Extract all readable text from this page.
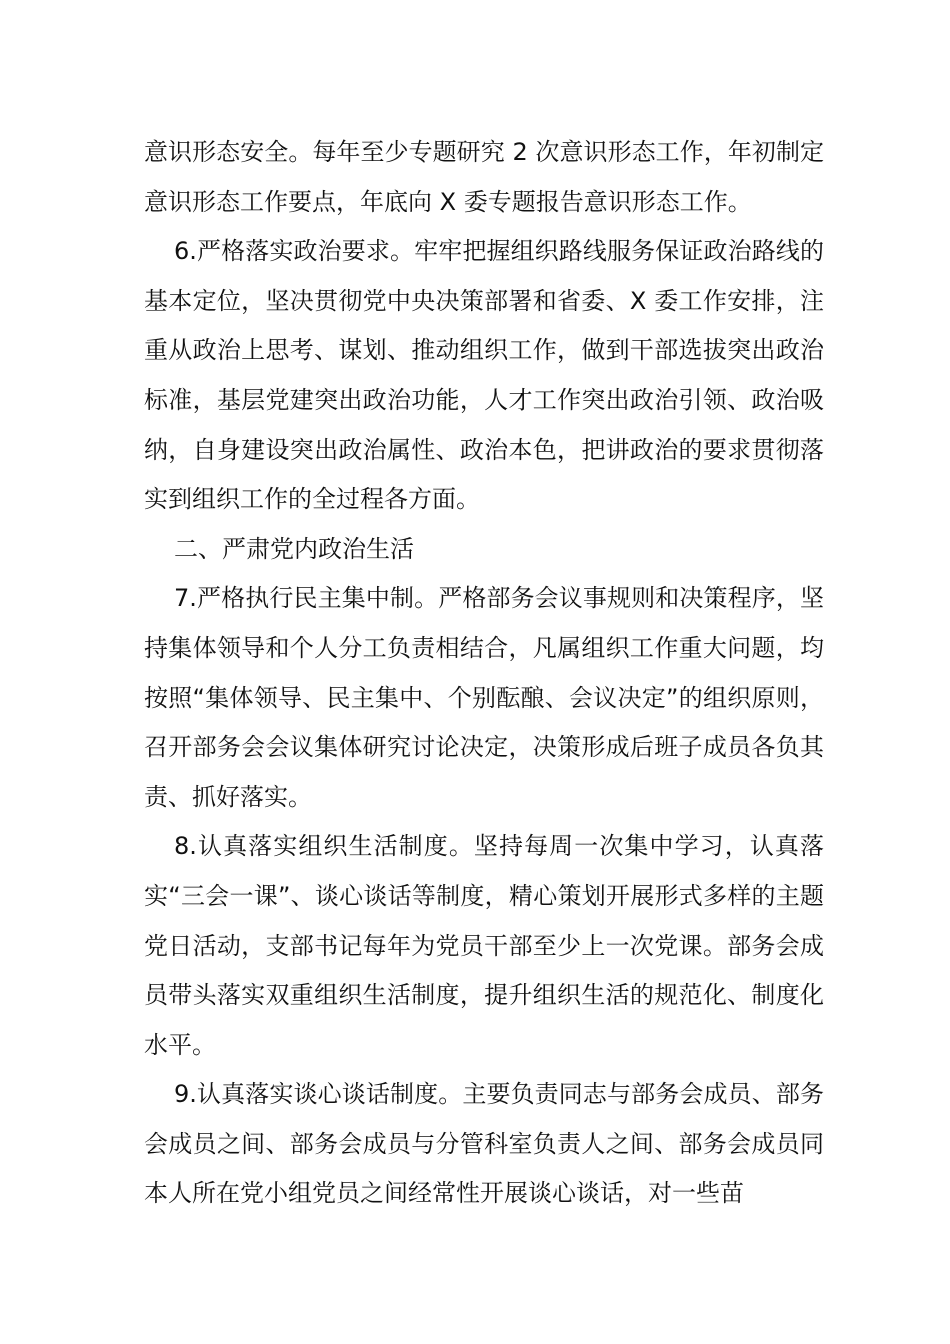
意识形态安全。每年至少专题研究 2 次意识形态工作，年初制定意识形态工作要点，年底向 X 委专题报告意识形态工作。

6.严格落实政治要求。牢牢把握组织路线服务保证政治路线的基本定位，坚决贯彻党中央决策部署和省委、X 委工作安排，注重从政治上思考、谋划、推动组织工作，做到干部选拔突出政治标准，基层党建突出政治功能，人才工作突出政治引领、政治吸纳，自身建设突出政治属性、政治本色，把讲政治的要求贯彻落实到组织工作的全过程各方面。

二、严肃党内政治生活

7.严格执行民主集中制。严格部务会议事规则和决策程序，坚持集体领导和个人分工负责相结合，凡属组织工作重大问题，均按照“集体领导、民主集中、个别酝酿、会议决定”的组织原则，召开部务会会议集体研究讨论决定，决策形成后班子成员各负其责、抓好落实。

8.认真落实组织生活制度。坚持每周一次集中学习，认真落实“三会一课”、谈心谈话等制度，精心策划开展形式多样的主题党日活动，支部书记每年为党员干部至少上一次党课。部务会成员带头落实双重组织生活制度，提升组织生活的规范化、制度化水平。

9.认真落实谈心谈话制度。主要负责同志与部务会成员、部务会成员之间、部务会成员与分管科室负责人之间、部务会成员同本人所在党小组党员之间经常性开展谈心谈话，对一些苗
